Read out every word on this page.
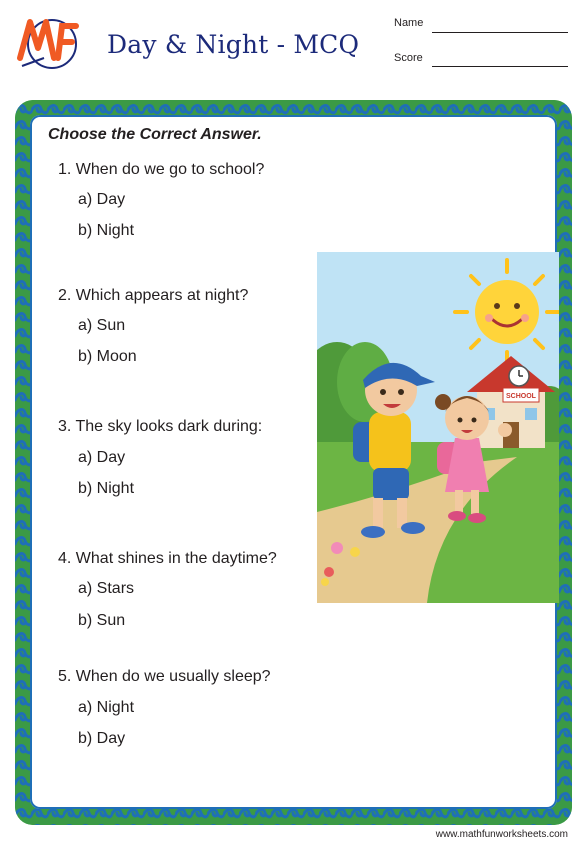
MF
Day & Night - MCQ
Name
Score
Choose the Correct Answer.
1. When do we go to school?
a) Day
b) Night
2. Which appears at night?
a) Sun
b) Moon
3. The sky looks dark during:
a) Day
b) Night
4. What shines in the daytime?
a) Stars
b) Sun
5. When do we usually sleep?
a) Night
b) Day
SCHOOL
www.mathfunworksheets.com
